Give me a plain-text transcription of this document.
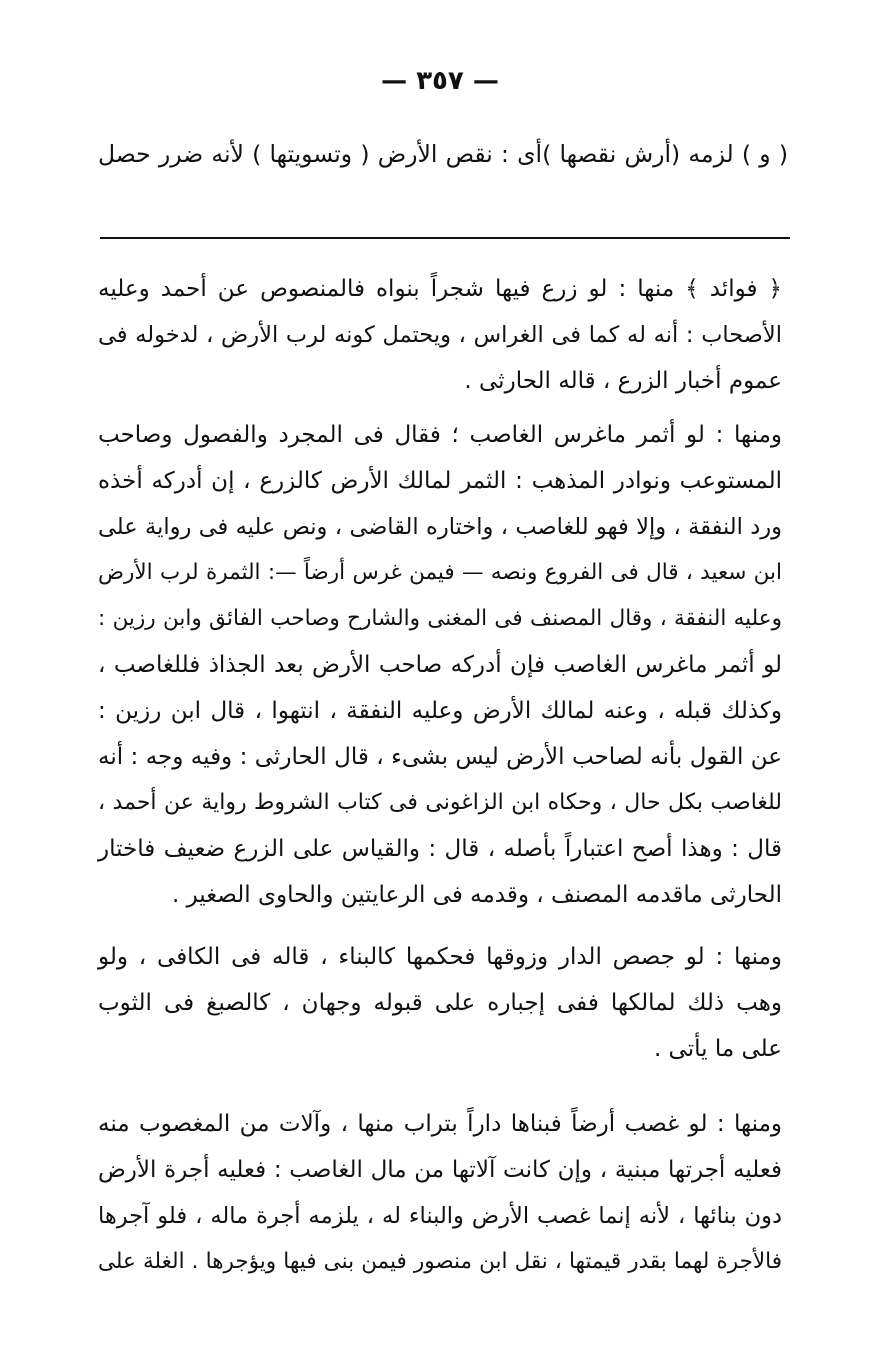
— ٣٥٧ —
( و ) لزمه (أرش نقصها )أى : نقص الأرض ( وتسويتها ) لأنه ضرر حصل
﴿ فوائد ﴾ منها : لو زرع فيها شجراً بنواه فالمنصوص عن أحمد وعليه
الأصحاب : أنه له كما فى الغراس ، ويحتمل كونه لرب الأرض ، لدخوله فى
عموم أخبار الزرع ، قاله الحارثى .
ومنها : لو أثمر ماغرس الغاصب ؛ فقال فى المجرد والفصول وصاحب
المستوعب ونوادر المذهب : الثمر لمالك الأرض كالزرع ، إن أدركه أخذه
ورد النفقة ، وإلا فهو للغاصب ، واختاره القاضى ، ونص عليه فى رواية على
ابن سعيد ، قال فى الفروع ونصه — فيمن غرس أرضاً —: الثمرة لرب الأرض
وعليه النفقة ، وقال المصنف فى المغنى والشارح وصاحب الفائق وابن رزين :
لو أثمر ماغرس الغاصب فإن أدركه صاحب الأرض بعد الجذاذ فللغاصب ،
وكذلك قبله ، وعنه لمالك الأرض وعليه النفقة ، انتهوا ، قال ابن رزين :
عن القول بأنه لصاحب الأرض ليس بشىء ، قال الحارثى : وفيه وجه : أنه
للغاصب بكل حال ، وحكاه ابن الزاغونى فى كتاب الشروط رواية عن أحمد ،
قال : وهذا أصح اعتباراً بأصله ، قال : والقياس على الزرع ضعيف فاختار
الحارثى ماقدمه المصنف ، وقدمه فى الرعايتين والحاوى الصغير .
ومنها : لو جصص الدار وزوقها فحكمها كالبناء ، قاله فى الكافى ، ولو
وهب ذلك لمالكها ففى إجباره على قبوله وجهان ، كالصبغ فى الثوب
على ما يأتى .
ومنها : لو غصب أرضاً فبناها داراً بتراب منها ، وآلات من المغصوب منه
فعليه أجرتها مبنية ، وإن كانت آلاتها من مال الغاصب : فعليه أجرة الأرض
دون بنائها ، لأنه إنما غصب الأرض والبناء له ، يلزمه أجرة ماله ، فلو آجرها
فالأجرة لهما بقدر قيمتها ، نقل ابن منصور فيمن بنى فيها ويؤجرها . الغلة على
